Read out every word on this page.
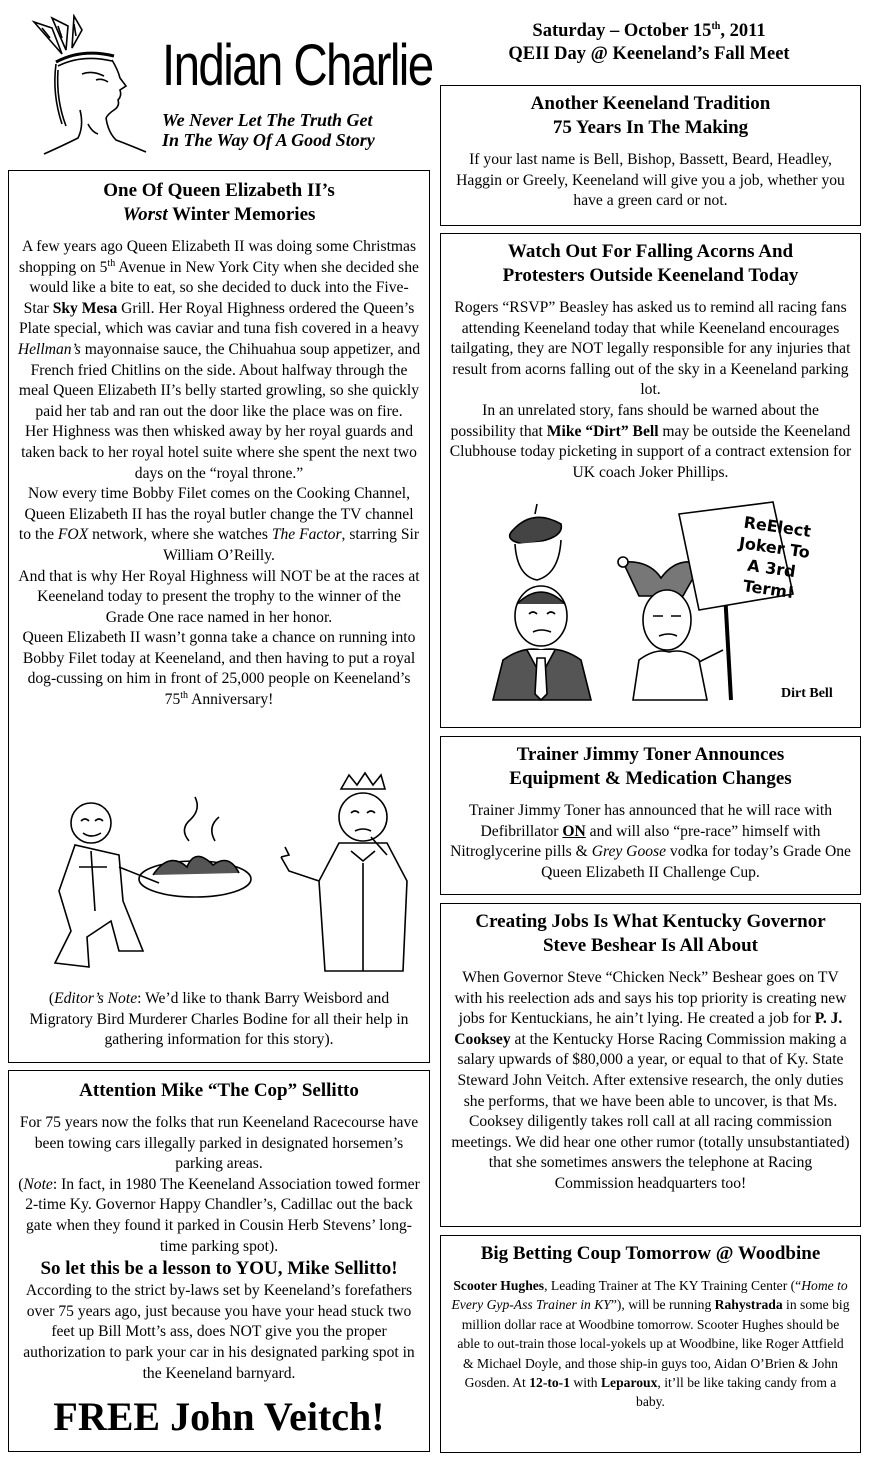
Indian Charlie
We Never Let The Truth Get
In The Way Of A Good Story
Saturday – October 15th, 2011
QEII Day @ Keeneland’s Fall Meet
One Of Queen Elizabeth II’s
Worst Winter Memories

A few years ago Queen Elizabeth II was doing some Christmas shopping on 5th Avenue in New York City when she decided she would like a bite to eat, so she decided to duck into the Five-Star Sky Mesa Grill. Her Royal Highness ordered the Queen’s Plate special, which was caviar and tuna fish covered in a heavy Hellman’s mayonnaise sauce, the Chihuahua soup appetizer, and French fried Chitlins on the side. About halfway through the meal Queen Elizabeth II’s belly started growling, so she quickly paid her tab and ran out the door like the place was on fire.

Her Highness was then whisked away by her royal guards and taken back to her royal hotel suite where she spent the next two days on the “royal throne.”

Now every time Bobby Filet comes on the Cooking Channel, Queen Elizabeth II has the royal butler change the TV channel to the FOX network, where she watches The Factor, starring Sir William O’Reilly.

And that is why Her Royal Highness will NOT be at the races at Keeneland today to present the trophy to the winner of the Grade One race named in her honor.

Queen Elizabeth II wasn’t gonna take a chance on running into Bobby Filet today at Keeneland, and then having to put a royal dog-cussing on him in front of 25,000 people on Keeneland’s 75th Anniversary!

(Editor’s Note: We’d like to thank Barry Weisbord and Migratory Bird Murderer Charles Bodine for all their help in gathering information for this story).
Attention Mike “The Cop” Sellitto

For 75 years now the folks that run Keeneland Racecourse have been towing cars illegally parked in designated horsemen’s parking areas.

(Note: In fact, in 1980 The Keeneland Association towed former 2-time Ky. Governor Happy Chandler’s, Cadillac out the back gate when they found it parked in Cousin Herb Stevens’ long-time parking spot).

So let this be a lesson to YOU, Mike Sellitto!

According to the strict by-laws set by Keeneland’s forefathers over 75 years ago, just because you have your head stuck two feet up Bill Mott’s ass, does NOT give you the proper authorization to park your car in his designated parking spot in the Keeneland barnyard.

FREE John Veitch!
Another Keeneland Tradition
75 Years In The Making
If your last name is Bell, Bishop, Bassett, Beard, Headley, Haggin or Greely, Keeneland will give you a job, whether you have a green card or not.
Watch Out For Falling Acorns And
Protesters Outside Keeneland Today

Rogers “RSVP” Beasley has asked us to remind all racing fans attending Keeneland today that while Keeneland encourages tailgating, they are NOT legally responsible for any injuries that result from acorns falling out of the sky in a Keeneland parking lot.

In an unrelated story, fans should be warned about the possibility that Mike “Dirt” Bell may be outside the Keeneland Clubhouse today picketing in support of a contract extension for UK coach Joker Phillips.

ReElect
Joker To
A 3rd
Term!
Dirt Bell
Trainer Jimmy Toner Announces
Equipment & Medication Changes
Trainer Jimmy Toner has announced that he will race with Defibrillator ON and will also “pre-race” himself with Nitroglycerine pills & Grey Goose vodka for today’s Grade One Queen Elizabeth II Challenge Cup.
Creating Jobs Is What Kentucky Governor
Steve Beshear Is All About
When Governor Steve “Chicken Neck” Beshear goes on TV with his reelection ads and says his top priority is creating new jobs for Kentuckians, he ain’t lying. He created a job for P. J. Cooksey at the Kentucky Horse Racing Commission making a salary upwards of $80,000 a year, or equal to that of Ky. State Steward John Veitch. After extensive research, the only duties she performs, that we have been able to uncover, is that Ms. Cooksey diligently takes roll call at all racing commission meetings. We did hear one other rumor (totally unsubstantiated) that she sometimes answers the telephone at Racing Commission headquarters too!
Big Betting Coup Tomorrow @ Woodbine
Scooter Hughes, Leading Trainer at The KY Training Center (“Home to Every Gyp-Ass Trainer in KY”), will be running Rahystrada in some big million dollar race at Woodbine tomorrow. Scooter Hughes should be able to out-train those local-yokels up at Woodbine, like Roger Attfield & Michael Doyle, and those ship-in guys too, Aidan O’Brien & John Gosden. At 12-to-1 with Leparoux, it’ll be like taking candy from a baby.
